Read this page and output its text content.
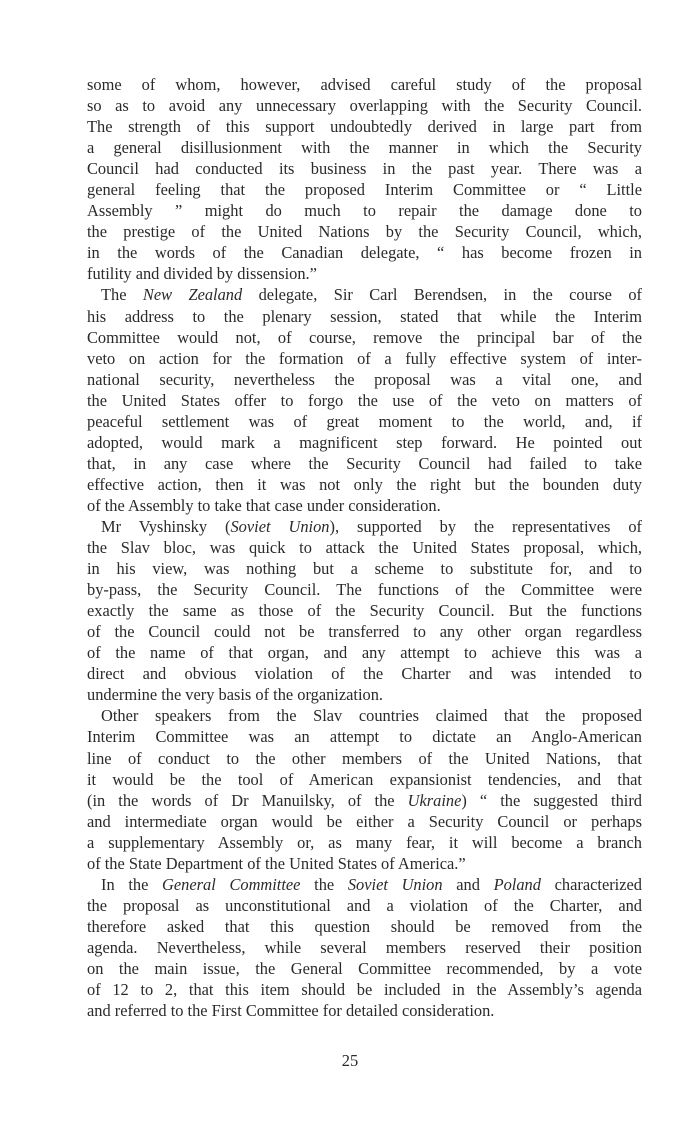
some of whom, however, advised careful study of the proposal
so as to avoid any unnecessary overlapping with the Security Council.
The strength of this support undoubtedly derived in large part from
a general disillusionment with the manner in which the Security
Council had conducted its business in the past year. There was a
general feeling that the proposed Interim Committee or “ Little
Assembly ” might do much to repair the damage done to
the prestige of the United Nations by the Security Council, which,
in the words of the Canadian delegate, “ has become frozen in
futility and divided by dissension.”
The New Zealand delegate, Sir Carl Berendsen, in the course of
his address to the plenary session, stated that while the Interim
Committee would not, of course, remove the principal bar of the
veto on action for the formation of a fully effective system of inter-
national security, nevertheless the proposal was a vital one, and
the United States offer to forgo the use of the veto on matters of
peaceful settlement was of great moment to the world, and, if
adopted, would mark a magnificent step forward. He pointed out
that, in any case where the Security Council had failed to take
effective action, then it was not only the right but the bounden duty
of the Assembly to take that case under consideration.
Mr Vyshinsky (Soviet Union), supported by the representatives of
the Slav bloc, was quick to attack the United States proposal, which,
in his view, was nothing but a scheme to substitute for, and to
by-pass, the Security Council. The functions of the Committee were
exactly the same as those of the Security Council. But the functions
of the Council could not be transferred to any other organ regardless
of the name of that organ, and any attempt to achieve this was a
direct and obvious violation of the Charter and was intended to
undermine the very basis of the organization.
Other speakers from the Slav countries claimed that the proposed
Interim Committee was an attempt to dictate an Anglo-American
line of conduct to the other members of the United Nations, that
it would be the tool of American expansionist tendencies, and that
(in the words of Dr Manuilsky, of the Ukraine) “ the suggested third
and intermediate organ would be either a Security Council or perhaps
a supplementary Assembly or, as many fear, it will become a branch
of the State Department of the United States of America.”
In the General Committee the Soviet Union and Poland characterized
the proposal as unconstitutional and a violation of the Charter, and
therefore asked that this question should be removed from the
agenda. Nevertheless, while several members reserved their position
on the main issue, the General Committee recommended, by a vote
of 12 to 2, that this item should be included in the Assembly’s agenda
and referred to the First Committee for detailed consideration.
25
